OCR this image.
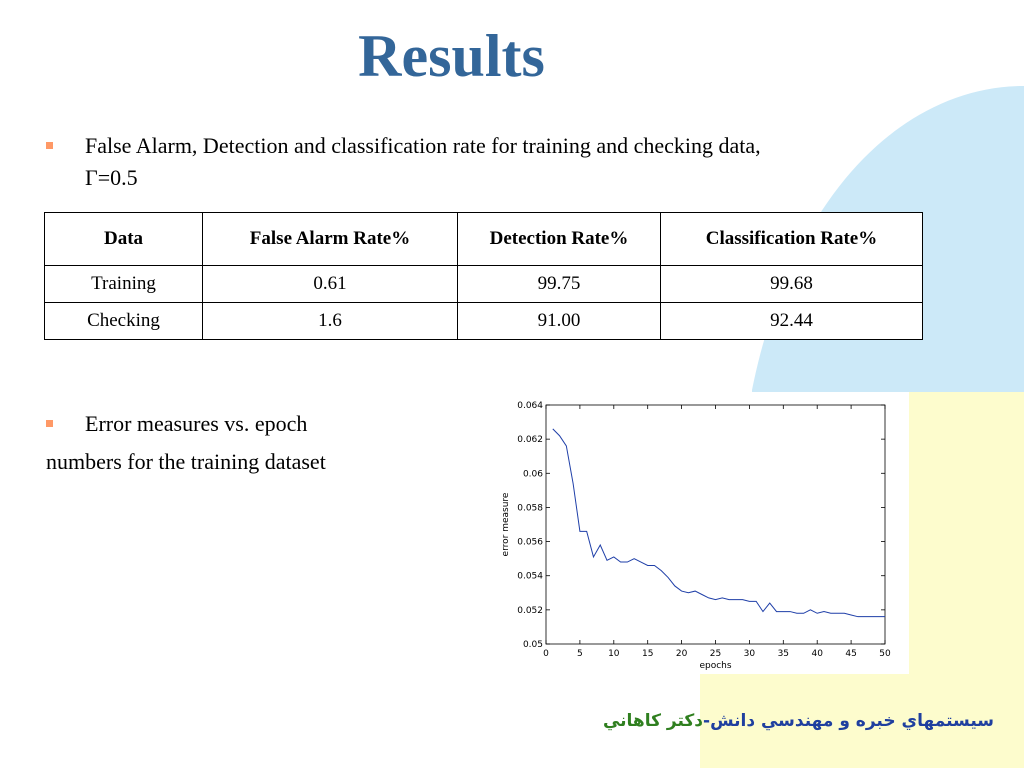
Results
False Alarm, Detection and classification rate for training and checking data,
Γ=0.5
Data	False Alarm Rate%	Detection Rate%	Classification Rate%
Training	0.61	99.75	99.68
Checking	1.6	91.00	92.44
Error measures vs. epoch
numbers for the training dataset
0	5	10 15 20 25 30 35 40 45 50
0.05
0.052
0.054
0.056
0.058
0.06
0.062
0.064
epochs
error measure
سيستمهاي خبره و مهندسي دانش-دکتر کاهاني
